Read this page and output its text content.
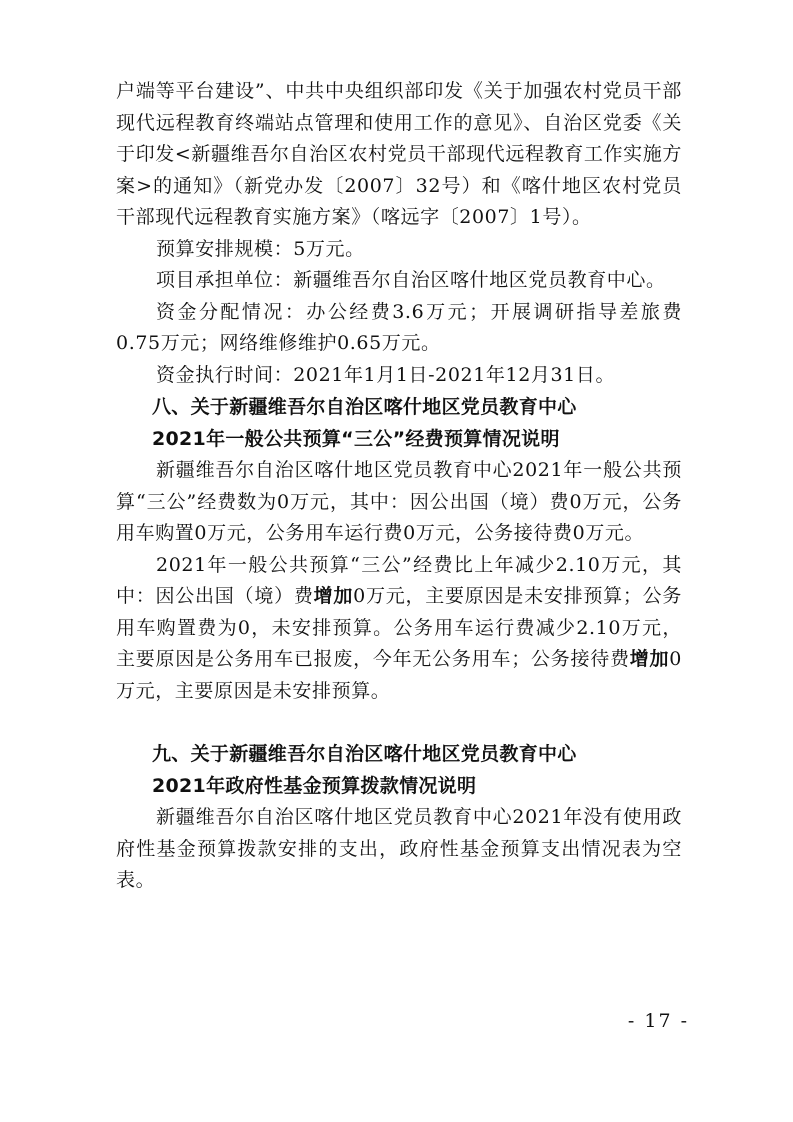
户端等平台建设”、中共中央组织部印发《关于加强农村党员干部现代远程教育终端站点管理和使用工作的意见》、自治区党委《关于印发<新疆维吾尔自治区农村党员干部现代远程教育工作实施方案>的通知》（新党办发〔2007〕32号）和《喀什地区农村党员干部现代远程教育实施方案》（喀远字〔2007〕1号）。

预算安排规模：5万元。

项目承担单位：新疆维吾尔自治区喀什地区党员教育中心。

资金分配情况：办公经费3.6万元；开展调研指导差旅费0.75万元；网络维修维护0.65万元。

资金执行时间：2021年1月1日-2021年12月31日。

八、关于新疆维吾尔自治区喀什地区党员教育中心
2021年一般公共预算“三公”经费预算情况说明

新疆维吾尔自治区喀什地区党员教育中心2021年一般公共预算“三公”经费数为0万元，其中：因公出国（境）费0万元，公务用车购置0万元，公务用车运行费0万元，公务接待费0万元。

2021年一般公共预算“三公”经费比上年减少2.10万元，其中：因公出国（境）费增加0万元，主要原因是未安排预算；公务用车购置费为0，未安排预算。公务用车运行费减少2.10万元，主要原因是公务用车已报废，今年无公务用车；公务接待费增加0万元，主要原因是未安排预算。

九、关于新疆维吾尔自治区喀什地区党员教育中心
2021年政府性基金预算拨款情况说明

新疆维吾尔自治区喀什地区党员教育中心2021年没有使用政府性基金预算拨款安排的支出，政府性基金预算支出情况表为空表。

- 17 -
